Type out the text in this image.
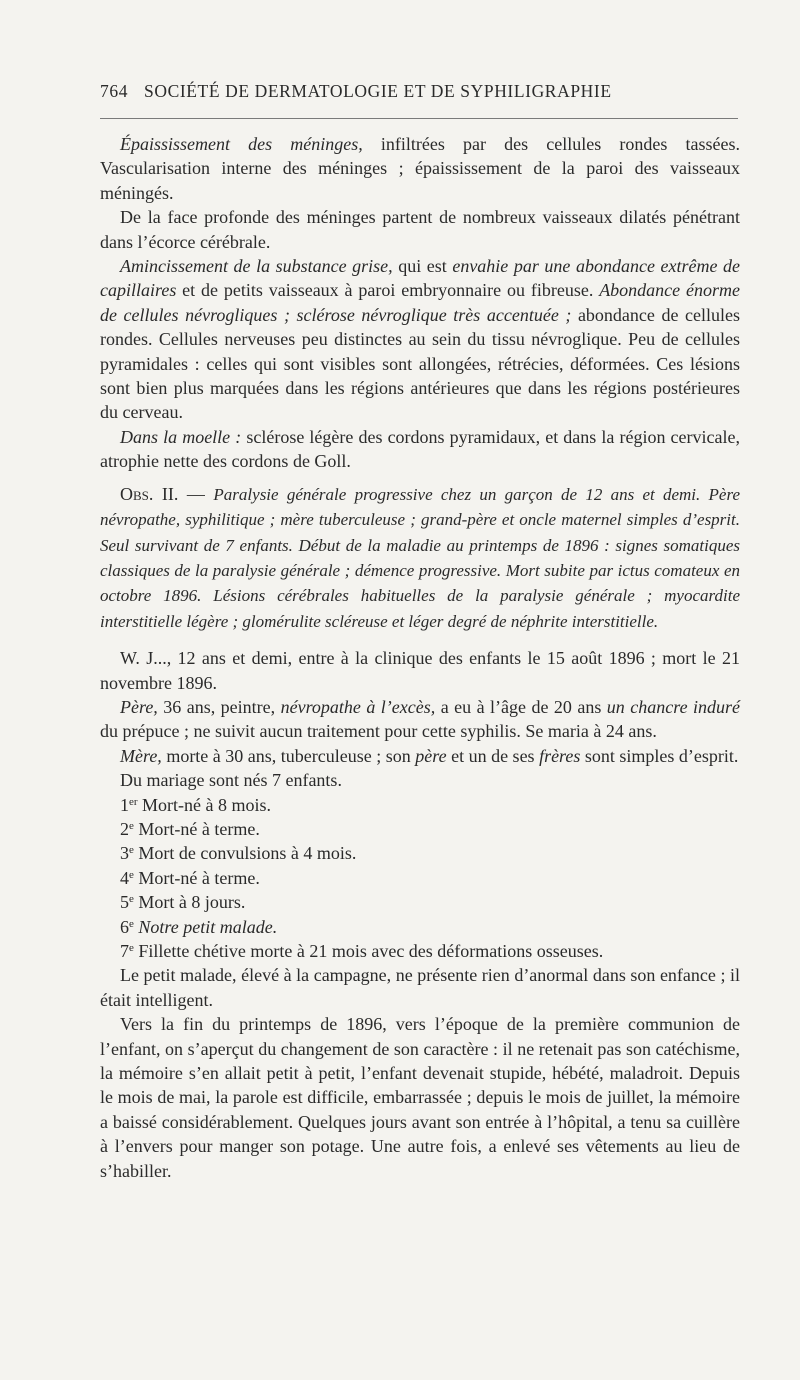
764 SOCIÉTÉ DE DERMATOLOGIE ET DE SYPHILIGRAPHIE

Épaississement des méninges, infiltrées par des cellules rondes tassées. Vascularisation interne des méninges ; épaississement de la paroi des vaisseaux méningés.

De la face profonde des méninges partent de nombreux vaisseaux dilatés pénétrant dans l’écorce cérébrale.

Amincissement de la substance grise, qui est envahie par une abondance extrême de capillaires et de petits vaisseaux à paroi embryonnaire ou fibreuse. Abondance énorme de cellules névrogliques ; sclérose névroglique très accentuée ; abondance de cellules rondes. Cellules nerveuses peu distinctes au sein du tissu névroglique. Peu de cellules pyramidales : celles qui sont visibles sont allongées, rétrécies, déformées. Ces lésions sont bien plus marquées dans les régions antérieures que dans les régions postérieures du cerveau.

Dans la moelle : sclérose légère des cordons pyramidaux, et dans la région cervicale, atrophie nette des cordons de Goll.

Obs. II. — Paralysie générale progressive chez un garçon de 12 ans et demi. Père névropathe, syphilitique ; mère tuberculeuse ; grand-père et oncle maternel simples d’esprit. Seul survivant de 7 enfants. Début de la maladie au printemps de 1896 : signes somatiques classiques de la paralysie générale ; démence progressive. Mort subite par ictus comateux en octobre 1896. Lésions cérébrales habituelles de la paralysie générale ; myocardite interstitielle légère ; glomérulite scléreuse et léger degré de néphrite interstitielle.

W. J..., 12 ans et demi, entre à la clinique des enfants le 15 août 1896 ; mort le 21 novembre 1896.

Père, 36 ans, peintre, névropathe à l’excès, a eu à l’âge de 20 ans un chancre induré du prépuce ; ne suivit aucun traitement pour cette syphilis. Se maria à 24 ans.

Mère, morte à 30 ans, tuberculeuse ; son père et un de ses frères sont simples d’esprit.

Du mariage sont nés 7 enfants.

1er Mort-né à 8 mois.

2e Mort-né à terme.

3e Mort de convulsions à 4 mois.

4e Mort-né à terme.

5e Mort à 8 jours.

6e Notre petit malade.

7e Fillette chétive morte à 21 mois avec des déformations osseuses.

Le petit malade, élevé à la campagne, ne présente rien d’anormal dans son enfance ; il était intelligent.

Vers la fin du printemps de 1896, vers l’époque de la première communion de l’enfant, on s’aperçut du changement de son caractère : il ne retenait pas son catéchisme, la mémoire s’en allait petit à petit, l’enfant devenait stupide, hébété, maladroit. Depuis le mois de mai, la parole est difficile, embarrassée ; depuis le mois de juillet, la mémoire a baissé considérablement. Quelques jours avant son entrée à l’hôpital, a tenu sa cuillère à l’envers pour manger son potage. Une autre fois, a enlevé ses vêtements au lieu de s’habiller.
